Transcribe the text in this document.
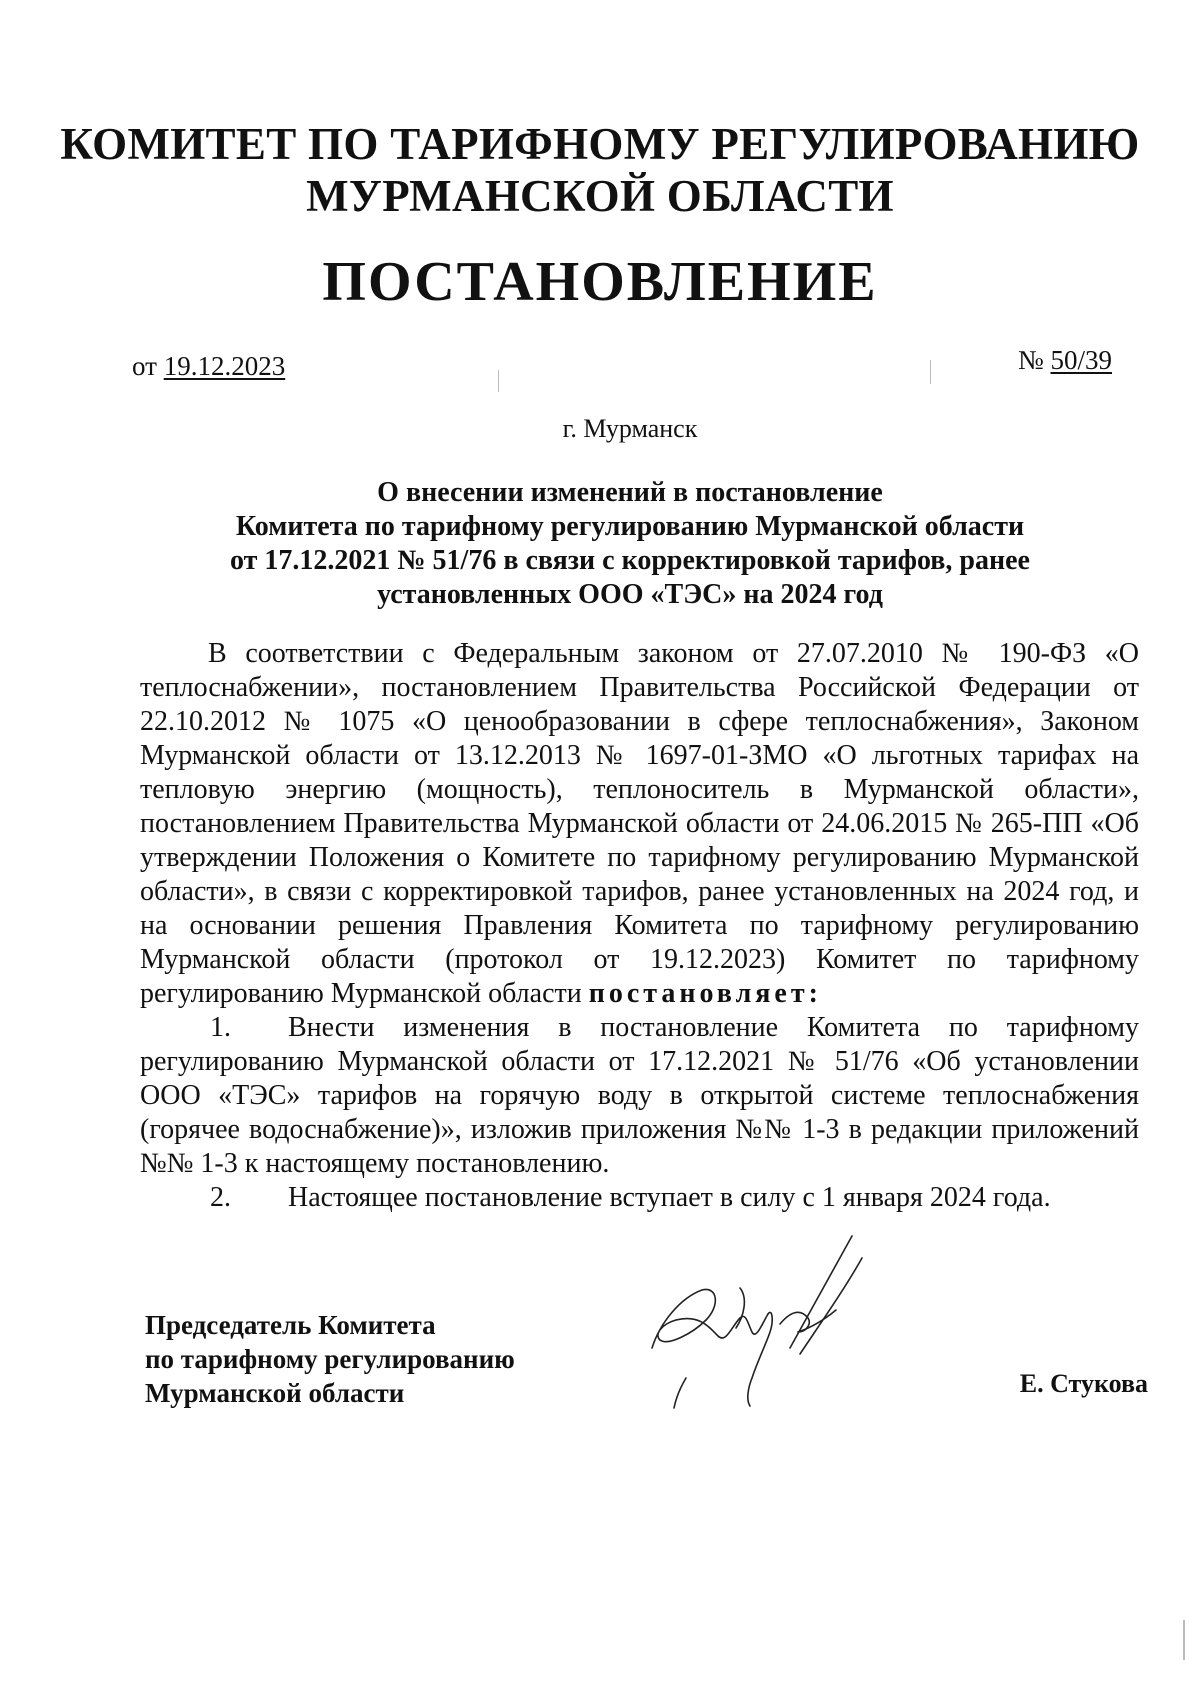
КОМИТЕТ ПО ТАРИФНОМУ РЕГУЛИРОВАНИЮ
МУРМАНСКОЙ ОБЛАСТИ
ПОСТАНОВЛЕНИЕ
от 19.12.2023	№ 50/39
г. Мурманск
О внесении изменений в постановление
Комитета по тарифному регулированию Мурманской области
от 17.12.2021 № 51/76 в связи с корректировкой тарифов, ранее
установленных ООО «ТЭС» на 2024 год

В соответствии с Федеральным законом от 27.07.2010 № 190-ФЗ «О теплоснабжении», постановлением Правительства Российской Федерации от 22.10.2012 № 1075 «О ценообразовании в сфере теплоснабжения», Законом Мурманской области от 13.12.2013 № 1697-01-ЗМО «О льготных тарифах на тепловую энергию (мощность), теплоноситель в Мурманской области», постановлением Правительства Мурманской области от 24.06.2015 № 265-ПП «Об утверждении Положения о Комитете по тарифному регулированию Мурманской области», в связи с корректировкой тарифов, ранее установленных на 2024 год, и на основании решения Правления Комитета по тарифному регулированию Мурманской области (протокол от 19.12.2023) Комитет по тарифному регулированию Мурманской области постановляет:

1. Внести изменения в постановление Комитета по тарифному регулированию Мурманской области от 17.12.2021 № 51/76 «Об установлении ООО «ТЭС» тарифов на горячую воду в открытой системе теплоснабжения (горячее водоснабжение)», изложив приложения №№ 1-3 в редакции приложений №№ 1-3 к настоящему постановлению.

2. Настоящее постановление вступает в силу с 1 января 2024 года.

Председатель Комитета
по тарифному регулированию
Мурманской области	Е. Стукова
